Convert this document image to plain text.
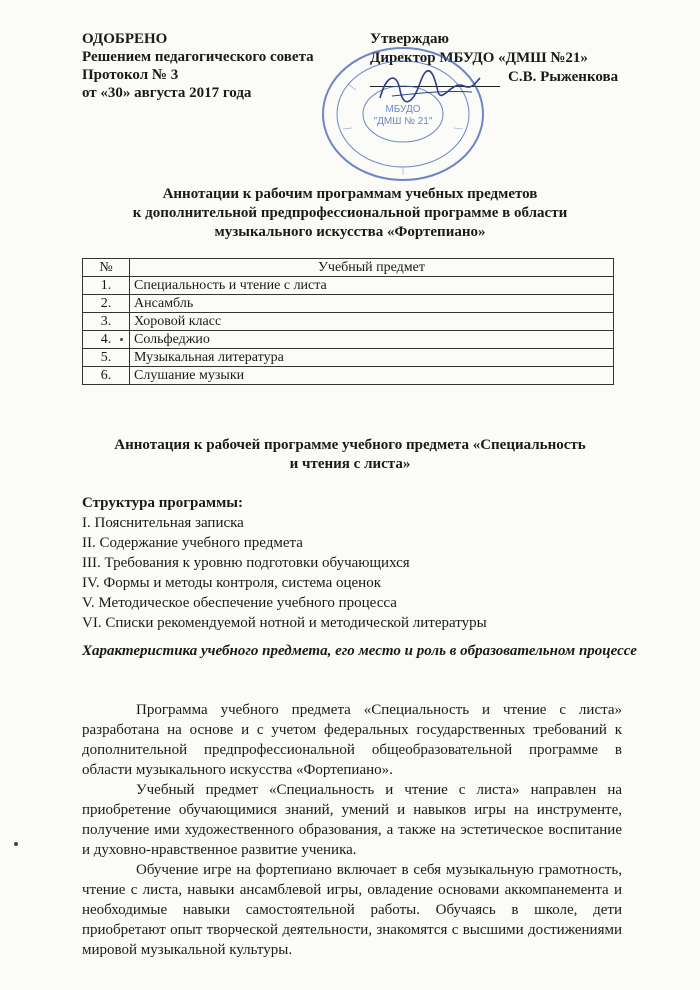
ОДОБРЕНО
Решением педагогического совета
Протокол № 3
от «30» августа 2017 года
Утверждаю
Директор МБУДО «ДМШ №21»
С.В. Рыженкова
МБУДО
"ДМШ № 21"
Аннотации к рабочим программам учебных предметов
к дополнительной предпрофессиональной программе в области
музыкального искусства «Фортепиано»
№	Учебный предмет
1.	Специальность и чтение с листа
2.	Ансамбль
3.	Хоровой класс
4.	Сольфеджио
5.	Музыкальная литература
6.	Слушание музыки
Аннотация к рабочей программе учебного предмета «Специальность
и чтения с листа»
Структура программы:
I. Пояснительная записка
II. Содержание учебного предмета
III. Требования к уровню подготовки обучающихся
IV. Формы и методы контроля, система оценок
V. Методическое обеспечение учебного процесса
VI. Списки рекомендуемой нотной и методической литературы
Характеристика учебного предмета, его место и роль в образовательном процессе

Программа учебного предмета «Специальность и чтение с листа» разработана на основе и с учетом федеральных государственных требований к дополнительной предпрофессиональной общеобразовательной программе в области музыкального искусства «Фортепиано».

Учебный предмет «Специальность и чтение с листа» направлен на приобретение обучающимися знаний, умений и навыков игры на инструменте, получение ими художественного образования, а также на эстетическое воспитание и духовно-нравственное развитие ученика.

Обучение игре на фортепиано включает в себя музыкальную грамотность, чтение с листа, навыки ансамблевой игры, овладение основами аккомпанемента и необходимые навыки самостоятельной работы. Обучаясь в школе, дети приобретают опыт творческой деятельности, знакомятся с высшими достижениями мировой музыкальной культуры.
